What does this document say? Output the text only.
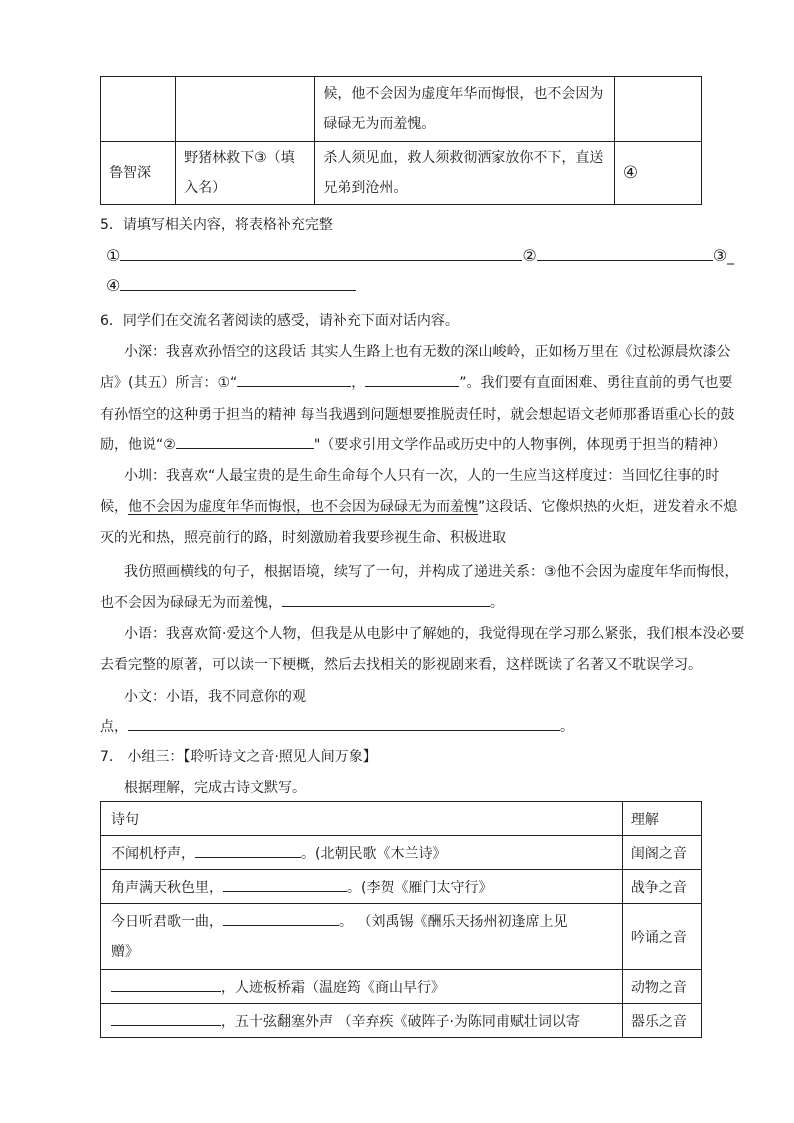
		候，他不会因为虚度年华而悔恨，也不会因为碌碌无为而羞愧。	
鲁智深	野猪林救下③（填入名）	杀人须见血，救人须救彻洒家放你不下，直送兄弟到沧州。	④
5．请填写相关内容，将表格补充完整
①	②	③_
④
6．同学们在交流名著阅读的感受，请补充下面对话内容。
小深：我喜欢孙悟空的这段话 其实人生路上也有无数的深山峻岭，正如杨万里在《过松源晨炊漆公
店》(其五）所言：①“	，	”。我们要有直面困难、勇往直前的勇气也要
有孙悟空的这种勇于担当的精神 每当我遇到问题想要推脱责任时，就会想起语文老师那番语重心长的鼓
励，他说“②	"（要求引用文学作品或历史中的人物事例，体现勇于担当的精神）
小圳：我喜欢“人最宝贵的是生命生命每个人只有一次，人的一生应当这样度过：当回忆往事的时
候，他不会因为虚度年华而悔恨，也不会因为碌碌无为而羞愧”这段话、它像炽热的火炬，迸发着永不熄
灭的光和热，照亮前行的路，时刻激励着我要珍视生命、积极进取
我仿照画横线的句子，根据语境，续写了一句，并构成了递进关系：③他不会因为虚度年华而悔恨，
也不会因为碌碌无为而羞愧，	。
小语：我喜欢简·爱这个人物，但我是从电影中了解她的，我觉得现在学习那么紧张，我们根本没必要
去看完整的原著，可以读一下梗概，然后去找相关的影视剧来看，这样既读了名著又不耽误学习。
小文：小语，我不同意你的观
点，	。
7． 小组三：【聆听诗文之音·照见人间万象】
根据理解，完成古诗文默写。
诗句	理解
不闻机杼声， 。(北朝民歌《木兰诗》	闺阁之音
角声满天秋色里， 。(李贺《雁门太守行》	战争之音
今日听君歌一曲， 。 （刘禹锡《酬乐天扬州初逢席上见
赠》	吟诵之音
，人迹板桥霜（温庭筠《商山早行》	动物之音
，五十弦翻塞外声 （辛弃疾《破阵子·为陈同甫赋壮词以寄	器乐之音
